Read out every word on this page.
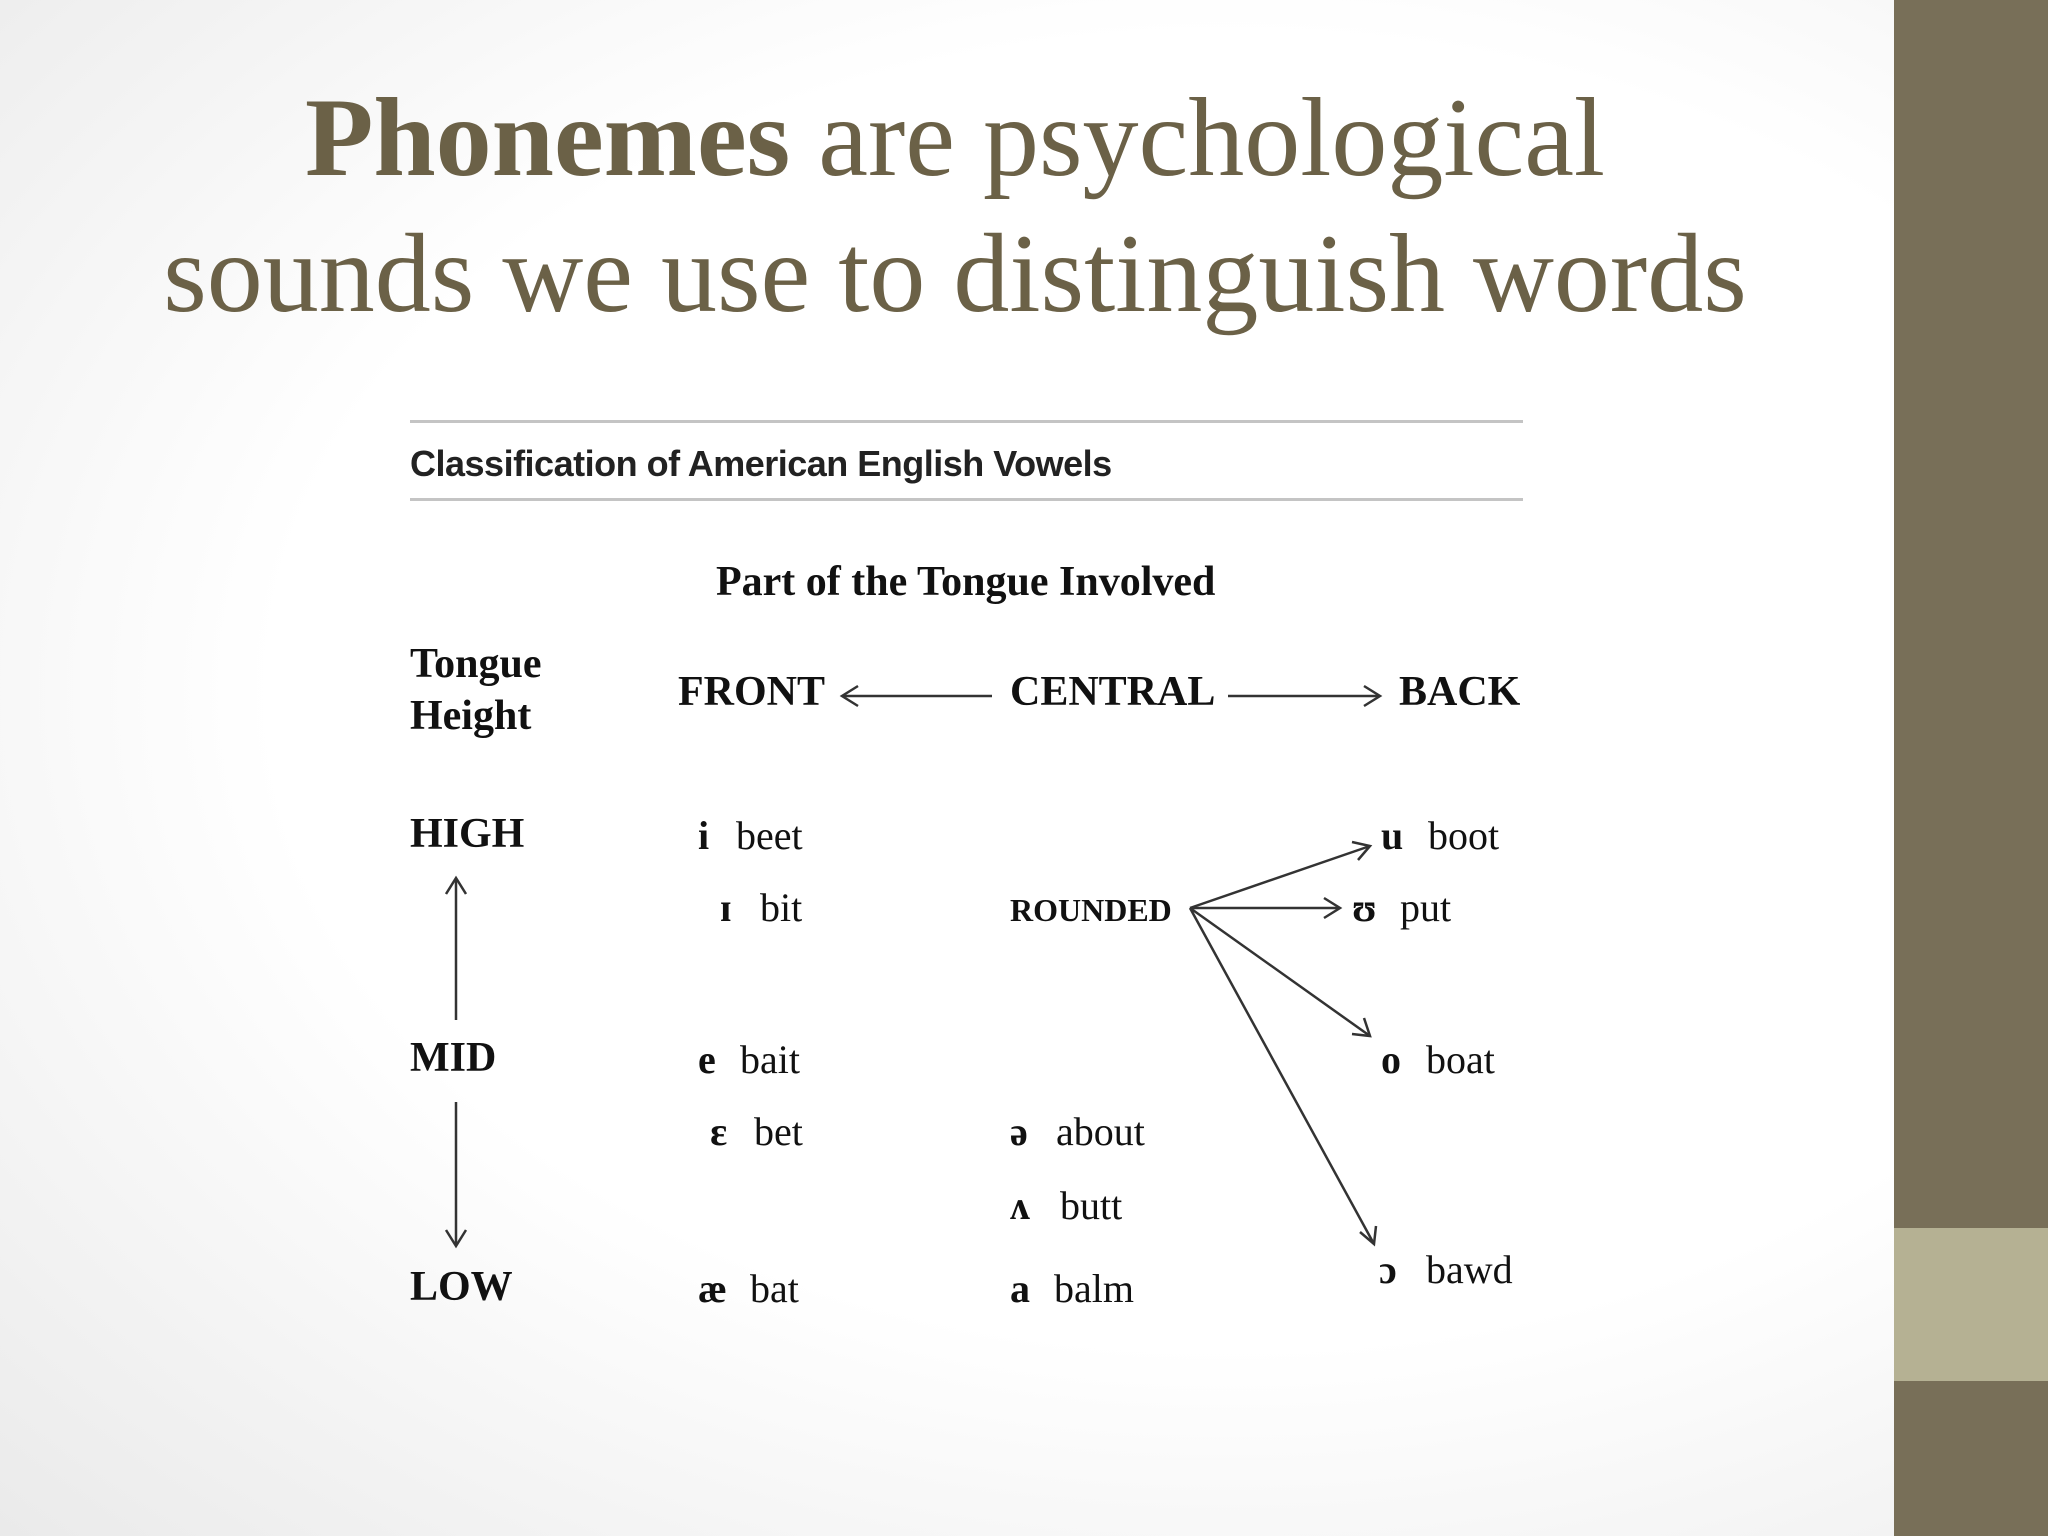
Phonemes are psychological
sounds we use to distinguish words
Classification of American English Vowels
Part of the Tongue Involved
Tongue
Height
FRONT	CENTRAL	BACK
HIGH
MID
LOW
i beet
ɪ bit
e bait
ɛ bet
æ bat
ROUNDED
ə about
ʌ butt
a balm
u boot
ʊ put
o boat
ɔ bawd
